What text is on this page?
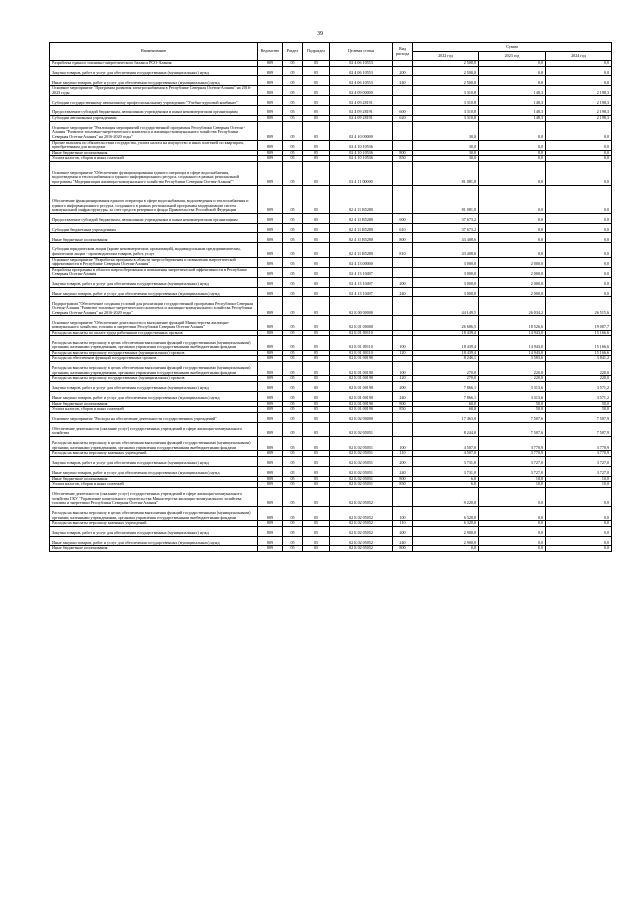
39
Наименование	Ведомство	Раздел	Подраздел	Целевая статья	Вид расхода	Сумма		
						2022 год	2023 год	2024 год
Разработка единого топливно-энергетического баланса РСО-Алания	809	05	05	02 4 06 10553		2 500,0	0,0	0,0
Закупка товаров, работ и услуг для обеспечения государственных (муниципальных) нужд	809	05	05	02 4 06 10553	200	2 500,0	0,0	0,0
Иные закупки товаров, работ и услуг для обеспечения государственных (муниципальных) нужд	809	05	05	02 4 06 10553	240	2 500,0	0,0	0,0
Основное мероприятие "Программа развития электроснабжения в Республике Северная Осетия-Алания" на 2016-2023 годы	809	05	05	02 4 09 00000		3 310,8	148,3	2 198,3
Субсидии государственному автономному профессиональному учреждению "Учебно-курсовой комбинат"	809	05	05	02 4 09 28191		3 310,8	148,3	2 198,3
Предоставление субсидий бюджетным, автономным учреждениям и иным некоммерческим организациям	809	05	05	02 4 09 28191	600	3 310,8	148,3	2 198,3
Субсидии автономным учреждениям	809	05	05	02 4 09 28191	620	3 310,8	148,3	2 198,3
Основное мероприятие "Реализация мероприятий государственной программы Республики Северная Осетия - Алания "Развитие топливно-энергетического комплекса и жилищно-коммунального хозяйства Республики Северная Осетия-Алания" на 2016-2020 годы"	809	05	05	02 4 10 00000		30,0	0,0	0,0
Прочие выплаты по обязательствам государства, уплата налога на имущество и иных платежей по квартирам, приобретенным для молодежи	809	05	05	02 4 10 10536		30,0	0,0	0,0
Иные бюджетные ассигнования	809	05	05	02 4 10 10536	800	30,0	0,0	0,0
Уплата налогов, сборов и иных платежей	809	05	05	02 4 10 10536	850	30,0	0,0	0,0
Основное мероприятие "Обеспечение функционирования единого оператора в сфере водоснабжения, водоотведения и теплоснабжения и единого информационного ресурса, созданного в рамках региональной программы "Модернизация жилищно-коммунального хозяйства Республики Северная Осетия-Алания""	809	05	05	02 4 11 00000		81 081,8	0,0	0,0
Обеспечение функционирования единого оператора в сфере водоснабжения, водоотведения и теплоснабжения и единого информационного ресурса, созданного в рамках региональной программы модернизации систем коммунальной инфраструктуры, за счет средств резервного фонда Правительства Российской Федерации	809	05	05	02 4 11 R5280		81 081,8	0,0	0,0
Предоставление субсидий бюджетным, автономным учреждениям и иным некоммерческим организациям	809	05	05	02 4 11 R5280	600	37 673,2	0,0	0,0
Субсидии бюджетным учреждениям	809	05	05	02 4 11 R5280	610	37 673,2	0,0	0,0
Иные бюджетные ассигнования	809	05	05	02 4 11 R5280	800	43 408,6	0,0	0,0
Субсидии юридическим лицам (кроме некоммерческих организаций), индивидуальным предпринимателям, физическим лицам - производителям товаров, работ, услуг	809	05	05	02 4 11 R5280	810	43 408,6	0,0	0,0
Основное мероприятие "Разработка программ в области энергосбережения и повышения энергетической эффективности в Республике Северная Осетия-Алания"	809	05	05	02 4 13 00000		3 000,0	2 000,0	0,0
Разработка программы в области энергосбережения и повышения энергетической эффективности в Республике Северная Осетия-Алания	809	05	05	02 4 13 10497		3 000,0	2 000,0	0,0
Закупка товаров, работ и услуг для обеспечения государственных (муниципальных) нужд	809	05	05	02 4 13 10497	200	3 000,0	2 000,0	0,0
Иные закупки товаров, работ и услуг для обеспечения государственных (муниципальных) нужд	809	05	05	02 4 13 10497	240	3 000,0	2 000,0	0,0
Подпрограмма "Обеспечение создания условий для реализации государственной программы Республики Северная Осетия-Алания "Развитие топливно-энергетического комплекса и жилищно-коммунального хозяйства Республики Северная Осетия-Алания" на 2016-2020 годы"	809	05	05	02 Б 00 00000		44 149,5	26 034,2	26 515,6
Основное мероприятие "Обеспечение деятельности и выполнение функций Министерства жилищно-коммунального хозяйства, топлива и энергетики Республики Северная Осетия-Алания"	809	05	05	02 Б 01 00000		26 686,5	18 526,6	19 007,7
Расходы на выплаты по оплате труда работников государственных органов	809	05	05	02 Б 01 00110		18 439,4	14 943,0	15 166,6
Расходы на выплаты персоналу в целях обеспечения выполнения функций государственными (муниципальными) органами, казенными учреждениями, органами управления государственными внебюджетными фондами	809	05	05	02 Б 01 00110	100	18 439,4	14 943,0	15 166,6
Расходы на выплаты персоналу государственных (муниципальных) органов	809	05	05	02 Б 01 00110	120	18 439,4	14 943,0	15 166,6
Расходы на обеспечение функций государственных органов	809	05	05	02 Б 01 00190		8 246,1	3 583,6	3 841,2
Расходы на выплаты персоналу в целях обеспечения выполнения функций государственными (муниципальными) органами, казенными учреждениями, органами управления государственными внебюджетными фондами	809	05	05	02 Б 01 00190	100	270,0	220,0	220,0
Расходы на выплаты персоналу государственных (муниципальных) органов	809	05	05	02 Б 01 00190	120	270,0	220,0	220,0
Закупка товаров, работ и услуг для обеспечения государственных (муниципальных) нужд	809	05	05	02 Б 01 00190	200	7 866,1	3 313,6	3 571,2
Иные закупки товаров, работ и услуг для обеспечения государственных (муниципальных) нужд	809	05	05	02 Б 01 00190	240	7 866,1	3 313,6	3 571,2
Иные бюджетные ассигнования	809	05	05	02 Б 01 00190	800	60,0	50,0	50,0
Уплата налогов, сборов и иных платежей	809	05	05	02 Б 01 00190	850	60,0	50,0	50,0
Основное мероприятие "Расходы на обеспечение деятельности государственных учреждений"	809	05	05	02 Б 02 00000		17 463,0	7 507,6	7 507,9
Обеспечение деятельности (оказание услуг) государственных учреждений в сфере жилищно-коммунального хозяйства	809	05	05	02 Б 02 05051		8 244,0	7 507,6	7 507,9
Расходы на выплаты персоналу в целях обеспечения выполнения функций государственными (муниципальными) органами, казенными учреждениями, органами управления государственными внебюджетными фондами	809	05	05	02 Б 02 05051	100	4 507,0	3 770,9	3 770,9
Расходы на выплаты персоналу казенных учреждений	809	05	05	02 Б 02 05051	110	4 507,0	3 770,9	3 770,9
Закупка товаров, работ и услуг для обеспечения государственных (муниципальных) нужд	809	05	05	02 Б 02 05051	200	3 731,0	3 727,0	3 727,0
Иные закупки товаров, работ и услуг для обеспечения государственных (муниципальных) нужд	809	05	05	02 Б 02 05051	240	3 731,0	3 727,0	3 727,0
Иные бюджетные ассигнования	809	05	05	02 Б 02 05051	800	6,0	10,0	10,0
Уплата налогов, сборов и иных платежей	809	05	05	02 Б 02 05051	850	6,0	10,0	10,0
Обеспечение деятельности (оказание услуг) государственных учреждений в сфере жилищно-коммунального хозяйства ГКУ "Управление капитального строительства Министерства жилищно-коммунального хозяйства, топлива и энергетики Республики Северная Осетия-Алания"	809	05	05	02 Б 02 05052		9 220,0	0,0	0,0
Расходы на выплаты персоналу в целях обеспечения выполнения функций государственными (муниципальными) органами, казенными учреждениями, органами управления государственными внебюджетными фондами	809	05	05	02 Б 02 05052	100	6 320,0	0,0	0,0
Расходы на выплаты персоналу казенных учреждений	809	05	05	02 Б 02 05052	110	6 320,0	0,0	0,0
Закупка товаров, работ и услуг для обеспечения государственных (муниципальных) нужд	809	05	05	02 Б 02 05052	200	2 900,0	0,0	0,0
Иные закупки товаров, работ и услуг для обеспечения государственных (муниципальных) нужд	809	05	05	02 Б 02 05052	240	2 900,0	0,0	0,0
Иные бюджетные ассигнования	809	05	05	02 Б 02 05052	800	0,0	0,0	0,0
